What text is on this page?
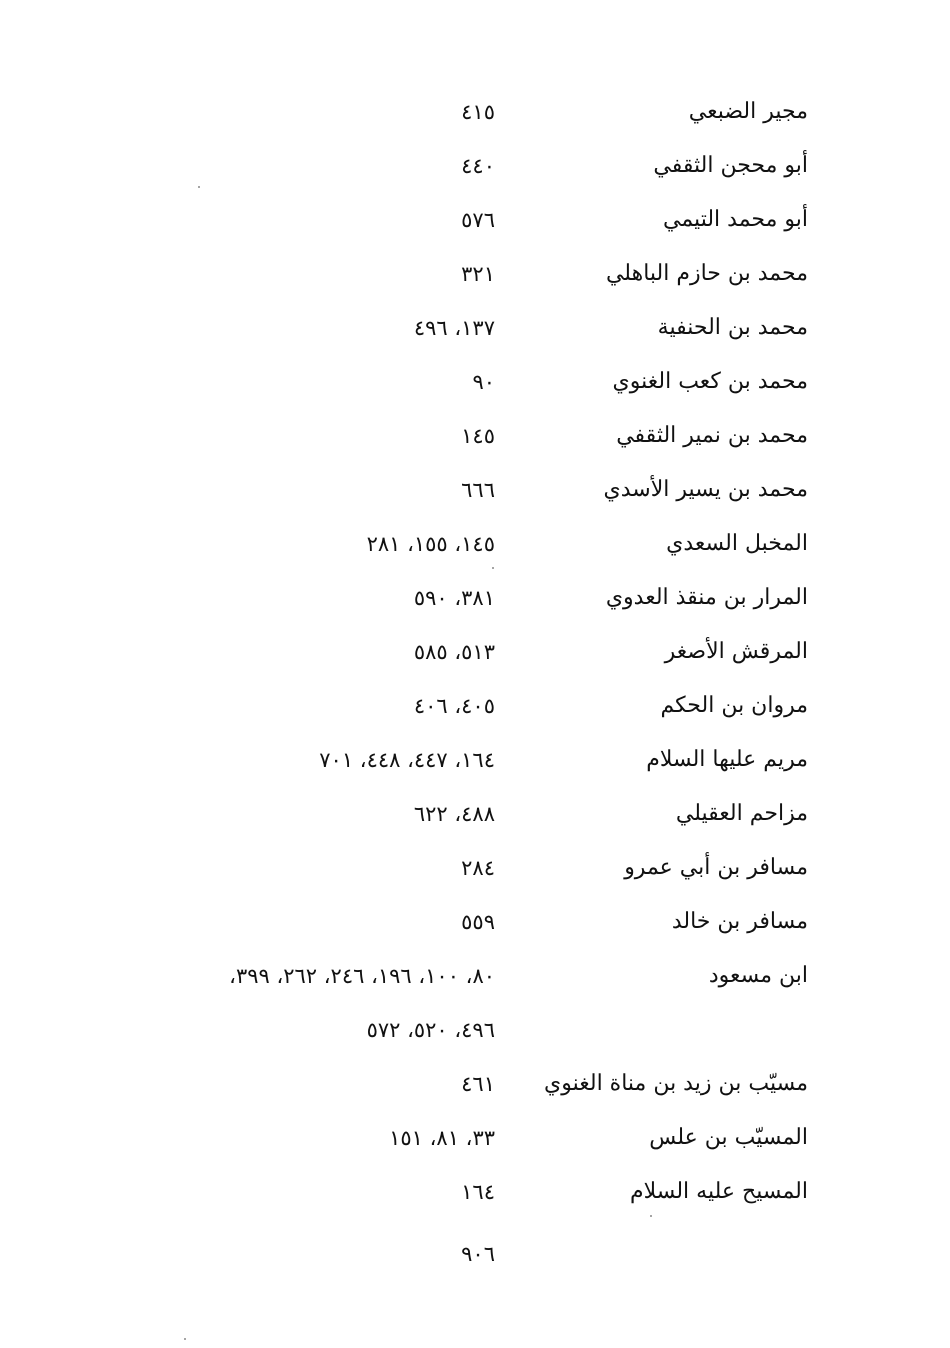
مجير الضبعي
٤١٥
أبو محجن الثقفي
٤٤٠
أبو محمد التيمي
٥٧٦
محمد بن حازم الباهلي
٣٢١
محمد بن الحنفية
١٣٧، ٤٩٦
محمد بن كعب الغنوي
٩٠
محمد بن نمير الثقفي
١٤٥
محمد بن يسير الأسدي
٦٦٦
المخبل السعدي
١٤٥، ١٥٥، ٢٨١
المرار بن منقذ العدوي
٣٨١، ٥٩٠
المرقش الأصغر
٥١٣، ٥٨٥
مروان بن الحكم
٤٠٥، ٤٠٦
مريم عليها السلام
١٦٤، ٤٤٧، ٤٤٨، ٧٠١
مزاحم العقيلي
٤٨٨، ٦٢٢
مسافر بن أبي عمرو
٢٨٤
مسافر بن خالد
٥٥٩
ابن مسعود
٨٠، ١٠٠، ١٩٦، ٢٤٦، ٢٦٢، ٣٩٩،
٤٩٦، ٥٢٠، ٥٧٢
مسيّب بن زيد بن مناة الغنوي
٤٦١
المسيّب بن علس
٣٣، ٨١، ١٥١
المسيح عليه السلام
١٦٤
٩٠٦
